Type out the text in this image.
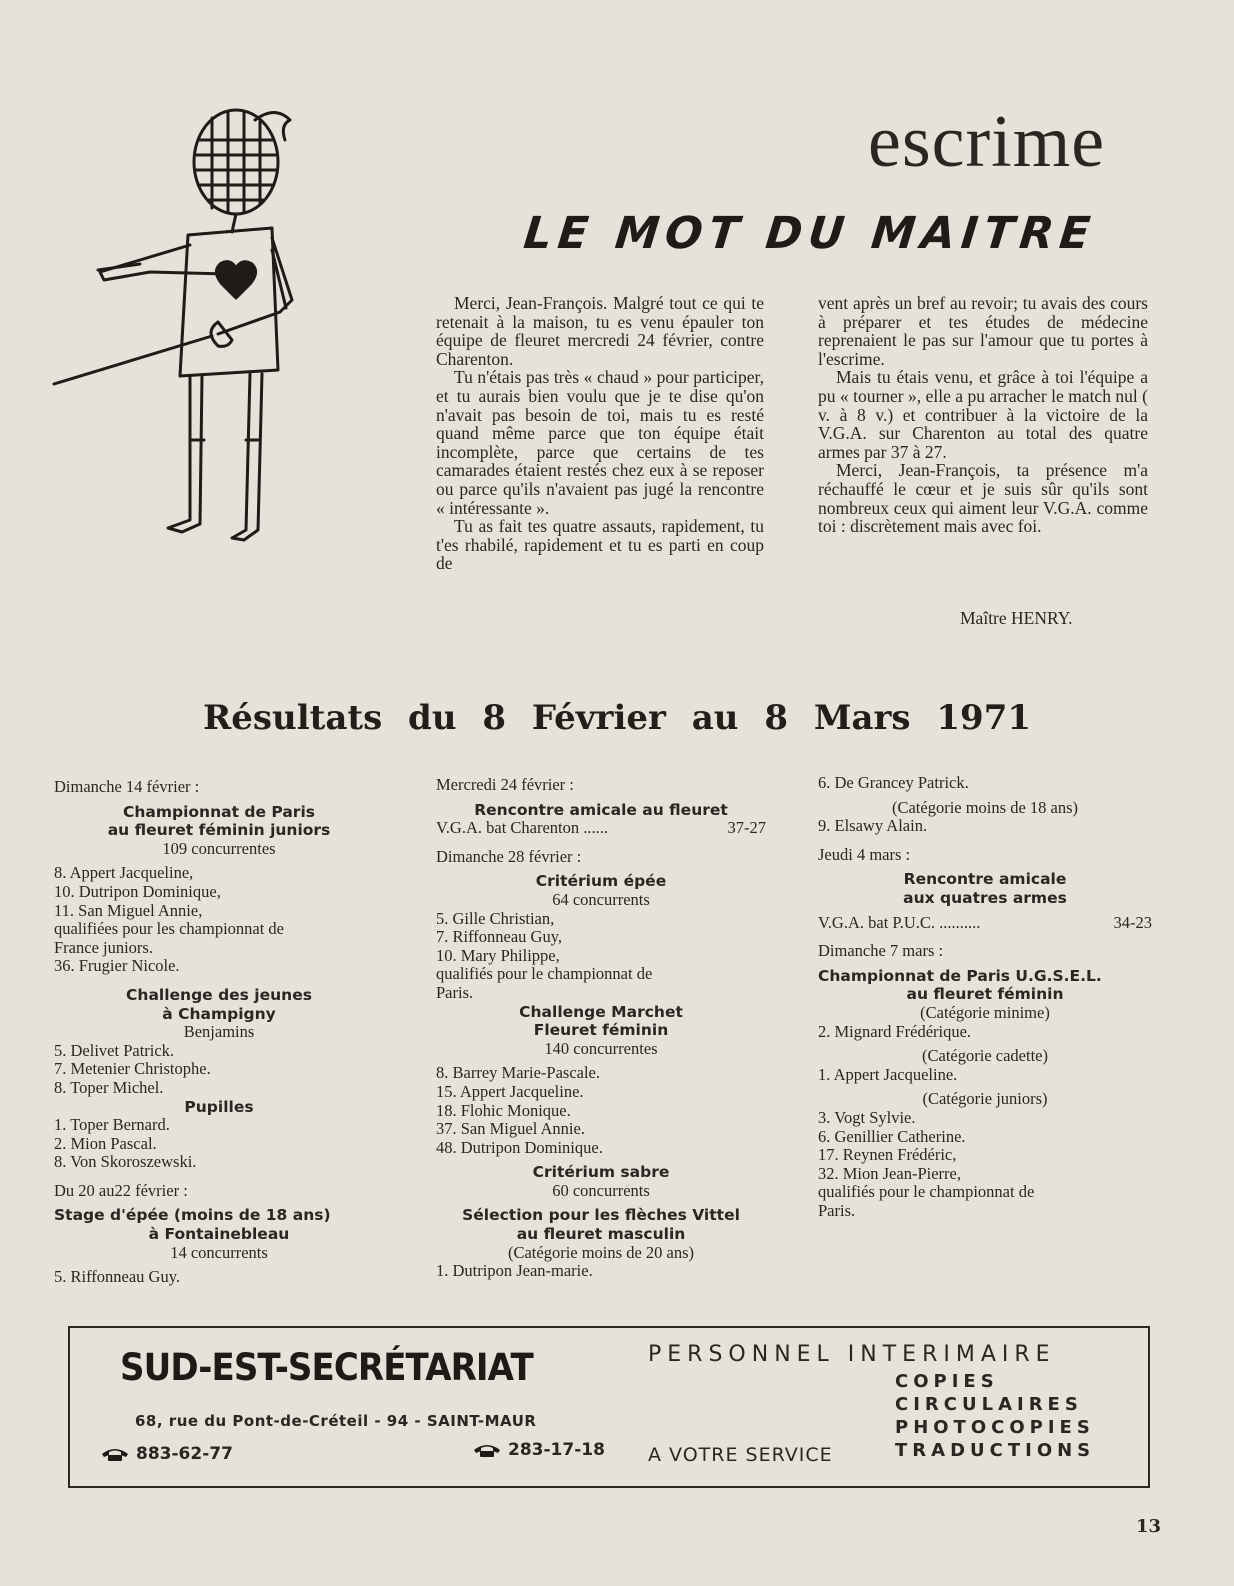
escrime
LE MOT DU MAITRE

Merci, Jean-François. Malgré tout ce qui te retenait à la maison, tu es venu épauler ton équipe de fleuret mercredi 24 février, contre Charenton.

Tu n'étais pas très « chaud » pour participer, et tu aurais bien voulu que je te dise qu'on n'avait pas besoin de toi, mais tu es resté quand même parce que ton équipe était incomplète, parce que certains de tes camarades étaient restés chez eux à se reposer ou parce qu'ils n'avaient pas jugé la rencontre « intéressante ».

Tu as fait tes quatre assauts, rapidement, tu t'es rhabilé, rapidement et tu es parti en coup de

vent après un bref au revoir; tu avais des cours à préparer et tes études de médecine reprenaient le pas sur l'amour que tu portes à l'escrime.

Mais tu étais venu, et grâce à toi l'équipe a pu « tourner », elle a pu arracher le match nul ( v. à 8 v.) et contribuer à la victoire de la V.G.A. sur Charenton au total des quatre armes par 37 à 27.

Merci, Jean-François, ta présence m'a réchauffé le cœur et je suis sûr qu'ils sont nombreux ceux qui aiment leur V.G.A. comme toi : discrètement mais avec foi.

Maître HENRY.
Résultats du 8 Février au 8 Mars 1971
Dimanche 14 février :
Championnat de Paris
au fleuret féminin juniors
109 concurrentes
8. Appert Jacqueline,
10. Dutripon Dominique,
11. San Miguel Annie,
qualifiées pour les championnat de
France juniors.
36. Frugier Nicole.
Challenge des jeunes
à Champigny
Benjamins
5. Delivet Patrick.
7. Metenier Christophe.
8. Toper Michel.
Pupilles
1. Toper Bernard.
2. Mion Pascal.
8. Von Skoroszewski.
Du 20 au22 février :
Stage d'épée (moins de 18 ans)
à Fontainebleau
14 concurrents
5. Riffonneau Guy.
Mercredi 24 février :
Rencontre amicale au fleuret
V.G.A. bat Charenton ......	37-27
Dimanche 28 février :
Critérium épée
64 concurrents
5. Gille Christian,
7. Riffonneau Guy,
10. Mary Philippe,
qualifiés pour le championnat de
Paris.
Challenge Marchet
Fleuret féminin
140 concurrentes
8. Barrey Marie-Pascale.
15. Appert Jacqueline.
18. Flohic Monique.
37. San Miguel Annie.
48. Dutripon Dominique.
Critérium sabre
60 concurrents
Sélection pour les flèches Vittel
au fleuret masculin
(Catégorie moins de 20 ans)
1. Dutripon Jean-marie.
6. De Grancey Patrick.
(Catégorie moins de 18 ans)
9. Elsawy Alain.
Jeudi 4 mars :
Rencontre amicale
aux quatres armes
V.G.A. bat P.U.C. ..........	34-23
Dimanche 7 mars :
Championnat de Paris U.G.S.E.L.
au fleuret féminin
(Catégorie minime)
2. Mignard Frédérique.
(Catégorie cadette)
1. Appert Jacqueline.
(Catégorie juniors)
3. Vogt Sylvie.
6. Genillier Catherine.
17. Reynen Frédéric,
32. Mion Jean-Pierre,
qualifiés pour le championnat de
Paris.
SUD-EST-SECRÉTARIAT
68, rue du Pont-de-Créteil - 94 - SAINT-MAUR
883-62-77	283-17-18
PERSONNEL INTERIMAIRE
A VOTRE SERVICE
COPIES
CIRCULAIRES
PHOTOCOPIES
TRADUCTIONS
13
